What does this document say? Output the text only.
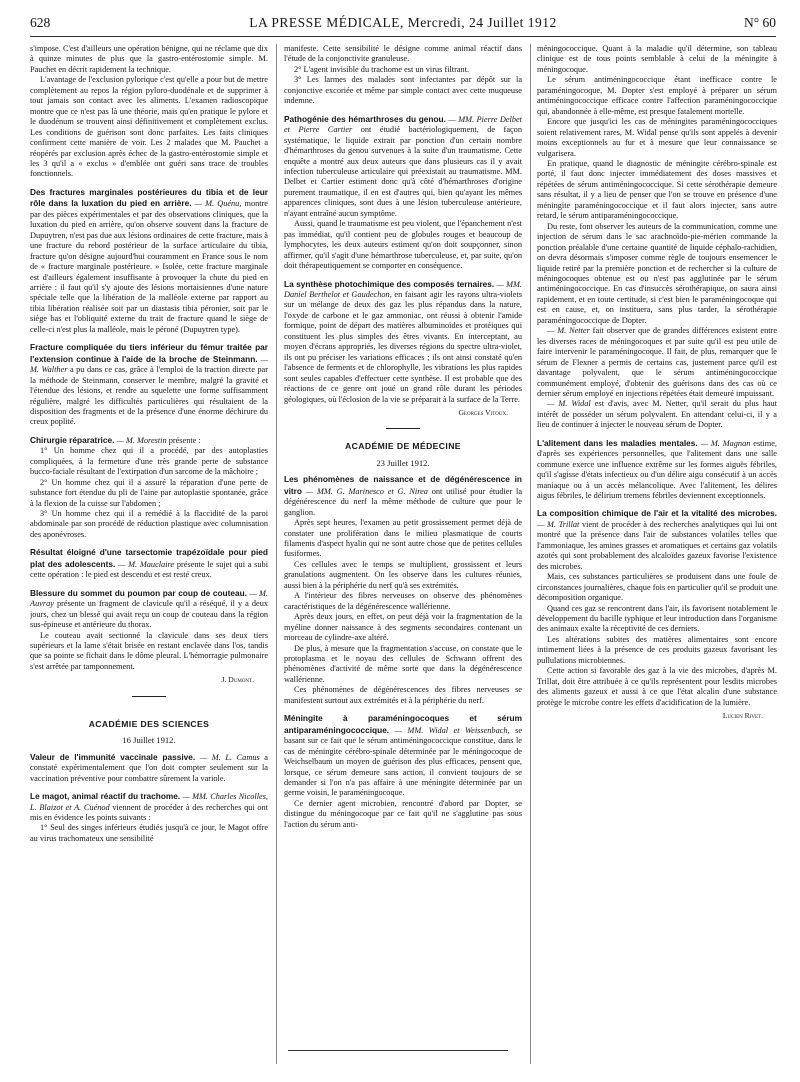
628	LA PRESSE MÉDICALE, Mercredi, 24 Juillet 1912	N° 60

s'impose. C'est d'ailleurs une opération bénigne, qui ne réclame que dix à quinze minutes de plus que la gastro-entérostomie simple. M. Pauchet en décrit rapidement la technique.

L'avantage de l'exclusion pylorique c'est qu'elle a pour but de mettre complètement au repos la région pyloro-duodénale et de supprimer à tout jamais son contact avec les aliments. L'examen radioscopique montre que ce n'est pas là une théorie, mais qu'en pratique le pylore et le duodénum se trouvent ainsi définitivement et complètement exclus. Les conditions de guérison sont donc parfaites. Les faits cliniques confirment cette manière de voir. Les 2 malades que M. Pauchet a réopérés par exclusion après échec de la gastro-entérostomie simple et les 3 qu'il a « exclus » d'emblée ont guéri sans trace de troubles fonctionnels.

Des fractures marginales postérieures du tibia et de leur rôle dans la luxation du pied en arrière. — M. Quénu, montre par des pièces expérimentales et par des observations cliniques, que la luxation du pied en arrière, qu'on observe souvent dans la fracture de Dupuytren, n'est pas due aux lésions ordinaires de cette fracture, mais à une fracture du rebord postérieur de la surface articulaire du tibia, fracture qu'on désigne aujourd'hui couramment en France sous le nom de « fracture marginale postérieure. » Isolée, cette fracture marginale est d'ailleurs également insuffisante à provoquer la chute du pied en arrière : il faut qu'il s'y ajoute des lésions mortaisiennes d'une nature spéciale telle que la libération de la malléole externe par rapport au tibia libération réalisée soit par un diastasis tibia péronier, soit par le siège bas et l'obliquité externe du trait de fracture quand le siège de celle-ci n'est plus la malléole, mais le péroné (Dupuytren type).

Fracture compliquée du tiers inférieur du fémur traitée par l'extension continue à l'aide de la broche de Steinmann. — M. Walther a pu dans ce cas, grâce à l'emploi de la traction directe par la méthode de Steinmann, conserver le membre, malgré la gravité et l'étendue des lésions, et rendre au squelette une forme suffisamment régulière, malgré les difficultés particulières qui résultaient de la disposition des fragments et de la présence d'une énorme déchirure du creux poplité.

Chirurgie réparatrice. — M. Morestin présente :

1° Un homme chez qui il a procédé, par des autoplasties compliquées, à la fermeture d'une très grande perte de substance bucco-faciale résultant de l'extirpation d'un sarcome de la mâchoire ;

2° Un homme chez qui il a assuré la réparation d'une perte de substance fort étendue du pli de l'aine par autoplastie spontanée, grâce à la flexion de la cuisse sur l'abdomen ;

3° Un homme chez qui il a remédié à la flaccidité de la paroi abdominale par son procédé de réduction plastique avec columnisation des aponévroses.

Résultat éloigné d'une tarsectomie trapézoïdale pour pied plat des adolescents. — M. Mauclaire présente le sujet qui a subi cette opération : le pied est descendu et est resté creux.

Blessure du sommet du poumon par coup de couteau. — M. Auvray présente un fragment de clavicule qu'il a réséqué, il y a deux jours, chez un blessé qui avait reçu un coup de couteau dans la région sus-épineuse et antérieure du thorax.

Le couteau avait sectionné la clavicule dans ses deux tiers supérieurs et la lame s'était brisée en restant enclavée dans l'os, tandis que sa pointe se fichait dans le dôme pleural. L'hémorragie pulmonaire s'est arrêtée par tamponnement.

J. Dumont.

ACADÉMIE DES SCIENCES

16 Juillet 1912.

Valeur de l'immunité vaccinale passive. — M. L. Camus a constaté expérimentalement que l'on doit compter seulement sur la vaccination préventive pour combattre sûrement la variole.

Le magot, animal réactif du trachome. — MM. Charles Nicolles, L. Blaizot et A. Cuénod viennent de procéder à des recherches qui ont mis en évidence les points suivants :

1° Seul des singes inférieurs étudiés jusqu'à ce jour, le Magot offre au virus trachomateux une sensibilité

manifeste. Cette sensibilité le désigne comme animal réactif dans l'étude de la conjonctivite granuleuse.

2° L'agent invisible du trachome est un virus filtrant.

3° Les larmes des malades sont infectantes par dépôt sur la conjonctive excoriée et même par simple contact avec cette muqueuse indemne.

Pathogénie des hémarthroses du genou. — MM. Pierre Delbet et Pierre Cartier ont étudié bactériologiquement, de façon systématique, le liquide extrait par ponction d'un certain nombre d'hémarthroses du genou survenues à la suite d'un traumatisme. Cette enquête a montré aux deux auteurs que dans plusieurs cas il y avait infection tuberculeuse articulaire qui préexistait au traumatisme. MM. Delbet et Cartier estiment donc qu'à côté d'hémarthroses d'origine purement traumatique, il en est d'autres qui, bien qu'ayant les mêmes apparences cliniques, sont dues à une lésion tuberculeuse antérieure, n'ayant entraîné aucun symptôme.

Aussi, quand le traumatisme est peu violent, que l'épanchement n'est pas immédiat, qu'il contient peu de globules rouges et beaucoup de lymphocytes, les deux auteurs estiment qu'on doit soupçonner, sinon affirmer, qu'il s'agit d'une hémarthrose tuberculeuse, et, par suite, qu'on doit thérapeutiquement se comporter en conséquence.

La synthèse photochimique des composés ternaires. — MM. Daniel Berthelot et Gaudechon, en faisant agir les rayons ultra-violets sur un mélange de deux des gaz les plus répandus dans la nature, l'oxyde de carbone et le gaz ammoniac, ont réussi à obtenir l'amide formique, point de départ des matières albuminoïdes et protéiques qui constituent les plus simples des êtres vivants. En interceptant, au moyen d'écrans appropriés, les diverses régions du spectre ultra-violet, ils ont pu préciser les variations efficaces ; ils ont ainsi constaté qu'en l'absence de ferments et de chlorophylle, les vibrations les plus rapides sont seules capables d'effectuer cette synthèse. Il est probable que des réactions de ce genre ont joué un grand rôle durant les périodes géologiques, où l'éclosion de la vie se préparait à la surface de la Terre.

Georges Vitoux.

ACADÉMIE DE MÉDECINE

23 Juillet 1912.

Les phénomènes de naissance et de dégénérescence in vitro — MM. G. Marinesco et G. Nirea ont utilisé pour étudier la dégénérescence du nerf la même méthode de culture que pour le ganglion.

Après sept heures, l'examen au petit grossissement permet déjà de constater une prolifération dans le milieu plasmatique de courts filaments d'aspect hyalin qui ne sont autre chose que de petites cellules fusiformes.

Ces cellules avec le temps se multiplient, grossissent et leurs granulations augmentent. On les observe dans les cultures réunies, aussi bien à la périphérie du nerf qu'à ses extrémités.

A l'intérieur des fibres nerveuses on observe des phénomènes caractéristiques de la dégénérescence wallérienne.

Après deux jours, en effet, on peut déjà voir la fragmentation de la myéline donner naissance à des segments secondaires contenant un morceau de cylindre-axe altéré.

De plus, à mesure que la fragmentation s'accuse, on constate que le protoplasma et le noyau des cellules de Schwann offrent des phénomènes d'activité de même sorte que dans la dégénérescence wallérienne.

Ces phénomènes de dégénérescences des fibres nerveuses se manifestent surtout aux extrémités et à la périphérie du nerf.

Méningite à paraméningocoques et sérum antiparaméningococcique. — MM. Widal et Weissenbach, se basant sur ce fait que le sérum antiméningococcique constitue, dans le cas de méningite cérébro-spinale déterminée par le méningocoque de Weichselbaum un moyen de guérison des plus efficaces, pensent que, lorsque, ce sérum demeure sans action, il convient toujours de se demander si l'on n'a pas affaire à une méningite déterminée par un germe voisin, le paraméningocoque.

Ce dernier agent microbien, rencontré d'abord par Dopter, se distingue du méningocoque par ce fait qu'il ne s'agglutine pas sous l'action du sérum anti-

méningococcique. Quant à la maladie qu'il détermine, son tableau clinique est de tous points semblable à celui de la méningite à méningocoque.

Le sérum antiméningococcique étant inefficace contre le paraméningocoque, M. Dopter s'est employé à préparer un sérum antiméningococcique efficace contre l'affection paraméningococcique qui, abandonnée à elle-même, est presque fatalement mortelle.

Encore que jusqu'ici les cas de méningites paraméningococciques soient relativement rares, M. Widal pense qu'ils sont appelés à devenir moins exceptionnels au fur et à mesure que leur connaissance se vulgarisera.

En pratique, quand le diagnostic de méningite cérébro-spinale est porté, il faut donc injecter immédiatement des doses massives et répétées de sérum antiméningococcique. Si cette sérothérapie demeure sans résultat, il y a lieu de penser que l'on se trouve en présence d'une méningite paraméningococcique et il faut alors injecter, sans autre retard, le sérum antiparaméningococcique.

Du reste, font observer les auteurs de la communication, comme une injection de sérum dans le sac arachnoïdo-pie-mérien commande la ponction préalable d'une certaine quantité de liquide céphalo-rachidien, on devra désormais s'imposer comme règle de toujours ensemencer le liquide retiré par la première ponction et de rechercher si la culture de méningocoques obtenue est ou n'est pas agglutinée par le sérum antiméningococcique. En cas d'insuccès sérothérapique, on saura ainsi rapidement, et en toute certitude, si c'est bien le paraméningocoque qui est en cause, et, on instituera, sans plus tarder, la sérothérapie paraméningococcique de Dopter.

— M. Netter fait observer que de grandes différences existent entre les diverses races de méningocoques et par suite qu'il est peu utile de faire intervenir le paraméningocoque. Il fait, de plus, remarquer que le sérum de Flexner a permis de certains cas, justement parce qu'il est davantage polyvalent, que le sérum antiméningococcique communément employé, d'obtenir des guérisons dans des cas où ce dernier sérum employé en injections répétées était demeuré impuissant.

— M. Widal est d'avis, avec M. Netter, qu'il serait du plus haut intérêt de posséder un sérum polyvalent. En attendant celui-ci, il y a lieu de continuer à injecter le nouveau sérum de Dopter.

L'alitement dans les maladies mentales. — M. Magnan estime, d'après ses expériences personnelles, que l'alitement dans une salle commune exerce une influence extrême sur les formes aiguës fébriles, qu'il s'agisse d'états infectieux ou d'un délire aigu consécutif à un accès maniaque ou à un accès mélancolique. Avec l'alitement, les délires aigus fébriles, le délirium tremens fébriles deviennent exceptionnels.

La composition chimique de l'air et la vitalité des microbes. — M. Trillat vient de procéder à des recherches analytiques qui lui ont montré que la présence dans l'air de substances volatiles telles que l'ammoniaque, les amines grasses et aromatiques et certains gaz volatils azotés qui sont probablement des alcaloïdes gazeux favorise l'existence des microbes.

Mais, ces substances particulières se produisent dans une foule de circonstances journalières, chaque fois en particulier qu'il se produit une décomposition organique.

Quand ces gaz se rencontrent dans l'air, ils favorisent notablement le développement du bacille typhique et leur introduction dans l'organisme des animaux exalte la réceptivité de ces derniers.

Les altérations subites des matières alimentaires sont encore intimement liées à la présence de ces produits gazeux favorisant les pullulations microbiennes.

Cette action si favorable des gaz à la vie des microbes, d'après M. Trillat, doit être attribuée à ce qu'ils représentent pour lesdits microbes des aliments gazeux et aussi à ce que l'état alcalin d'une substance protège le microbe contre les effets d'acidification de la lumière.

Lucien Rivet.
